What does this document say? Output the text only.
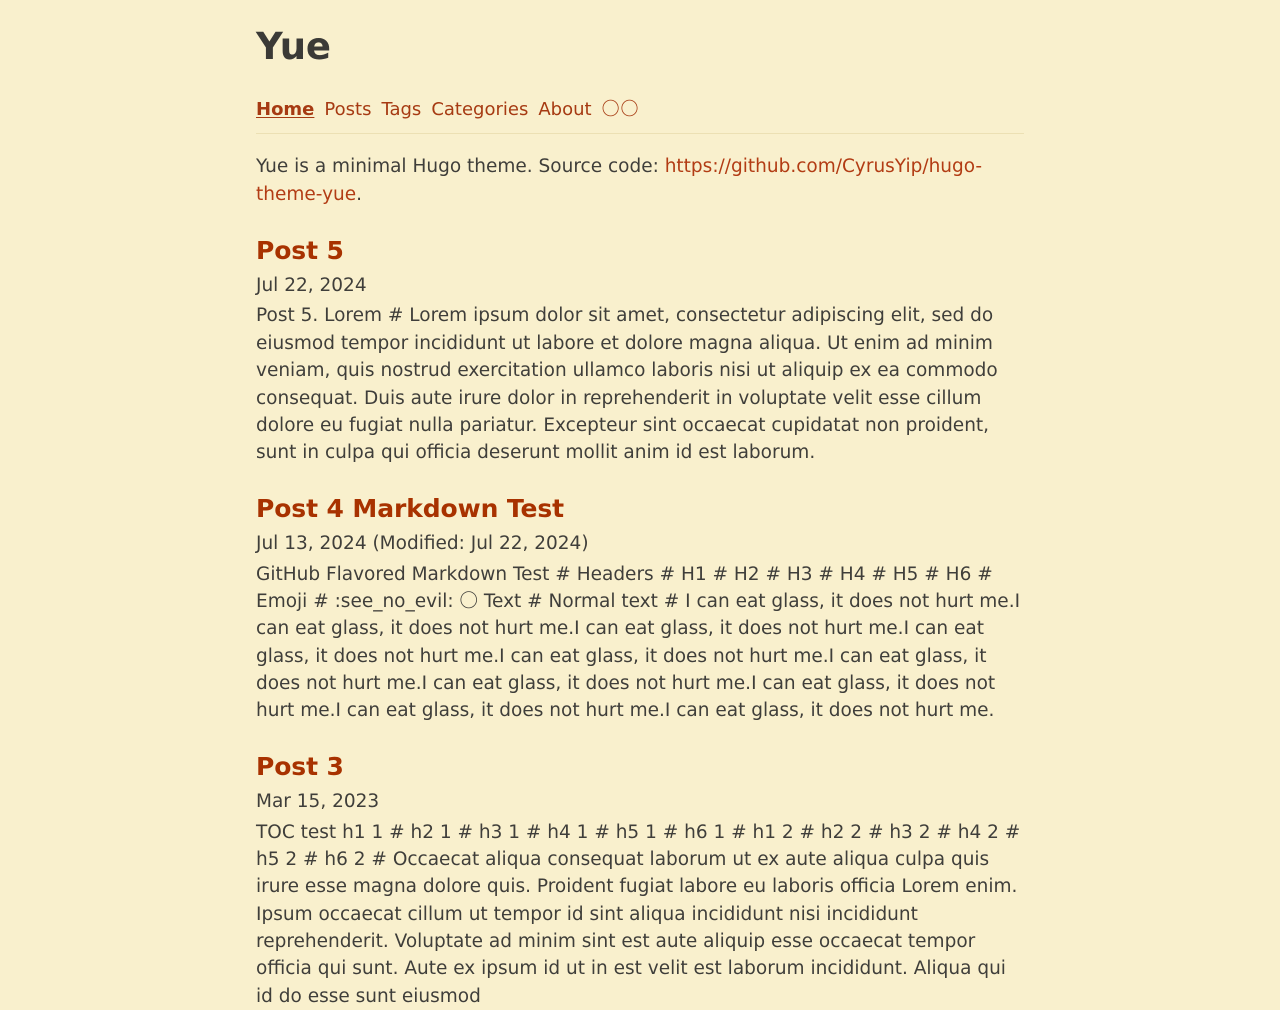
Yue
Home Posts Tags Categories About 〇〇

Yue is a minimal Hugo theme. Source code: https://github.com/CyrusYip/hugo-theme-yue.

Post 5
Jul 22, 2024
Post 5. Lorem # Lorem ipsum dolor sit amet, consectetur adipiscing elit, sed do eiusmod tempor incididunt ut labore et dolore magna aliqua. Ut enim ad minim veniam, quis nostrud exercitation ullamco laboris nisi ut aliquip ex ea commodo consequat. Duis aute irure dolor in reprehenderit in voluptate velit esse cillum dolore eu fugiat nulla pariatur. Excepteur sint occaecat cupidatat non proident, sunt in culpa qui officia deserunt mollit anim id est laborum.
Post 4 Markdown Test
Jul 13, 2024 (Modified: Jul 22, 2024)
GitHub Flavored Markdown Test # Headers # H1 # H2 # H3 # H4 # H5 # H6 # Emoji # :see_no_evil: 〇 Text # Normal text # I can eat glass, it does not hurt me.I can eat glass, it does not hurt me.I can eat glass, it does not hurt me.I can eat glass, it does not hurt me.I can eat glass, it does not hurt me.I can eat glass, it does not hurt me.I can eat glass, it does not hurt me.I can eat glass, it does not hurt me.I can eat glass, it does not hurt me.I can eat glass, it does not hurt me.
Post 3
Mar 15, 2023
TOC test h1 1 # h2 1 # h3 1 # h4 1 # h5 1 # h6 1 # h1 2 # h2 2 # h3 2 # h4 2 # h5 2 # h6 2 # Occaecat aliqua consequat laborum ut ex aute aliqua culpa quis irure esse magna dolore quis. Proident fugiat labore eu laboris officia Lorem enim. Ipsum occaecat cillum ut tempor id sint aliqua incididunt nisi incididunt reprehenderit. Voluptate ad minim sint est aute aliquip esse occaecat tempor officia qui sunt. Aute ex ipsum id ut in est velit est laborum incididunt. Aliqua qui id do esse sunt eiusmod
